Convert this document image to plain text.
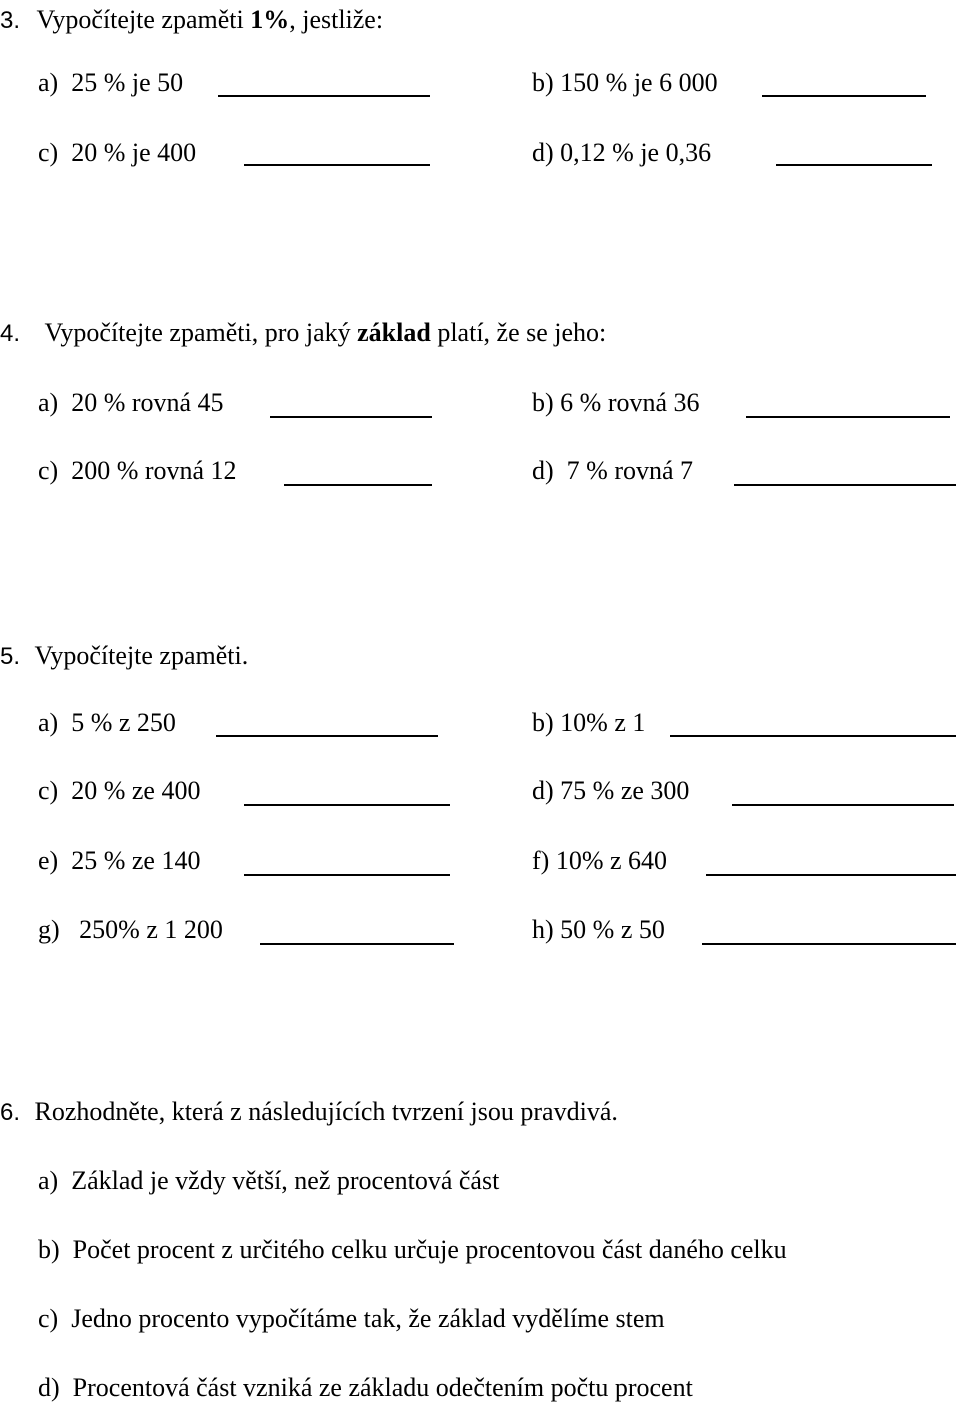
3. Vypočítejte zpaměti 1%, jestliže:
a) 25 % je 50	b) 150 % je 6 000
c) 20 % je 400	d) 0,12 % je 0,36
4. Vypočítejte zpaměti, pro jaký základ platí, že se jeho:
a) 20 % rovná 45	b) 6 % rovná 36
c) 200 % rovná 12	d) 7 % rovná 7
5. Vypočítejte zpaměti.
a) 5 % z 250	b) 10% z 1
c) 20 % ze 400	d) 75 % ze 300
e) 25 % ze 140	f) 10% z 640
g) 250% z 1 200	h) 50 % z 50
6. Rozhodněte, která z následujících tvrzení jsou pravdivá.
a) Základ je vždy větší, než procentová část
b) Počet procent z určitého celku určuje procentovou část daného celku
c) Jedno procento vypočítáme tak, že základ vydělíme stem
d) Procentová část vzniká ze základu odečtením počtu procent
